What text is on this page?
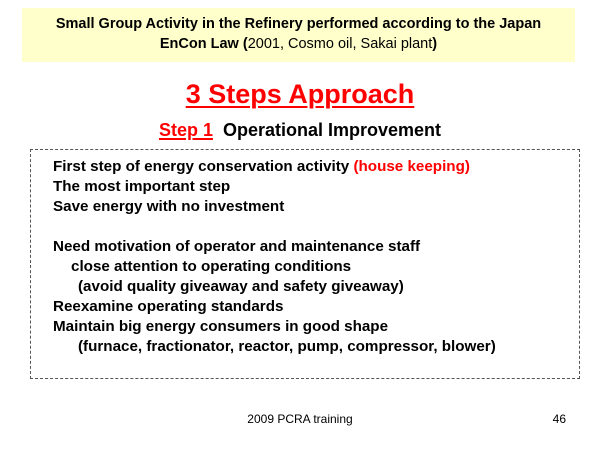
Small Group Activity in the Refinery performed according to the Japan
EnCon Law (2001, Cosmo oil, Sakai plant)
3 Steps Approach
Step 1 Operational Improvement
First step of energy conservation activity (house keeping)
The most important step
Save energy with no investment
Need motivation of operator and maintenance staff
close attention to operating conditions
(avoid quality giveaway and safety giveaway)
Reexamine operating standards
Maintain big energy consumers in good shape
(furnace, fractionator, reactor, pump, compressor, blower)
2009 PCRA training	46
